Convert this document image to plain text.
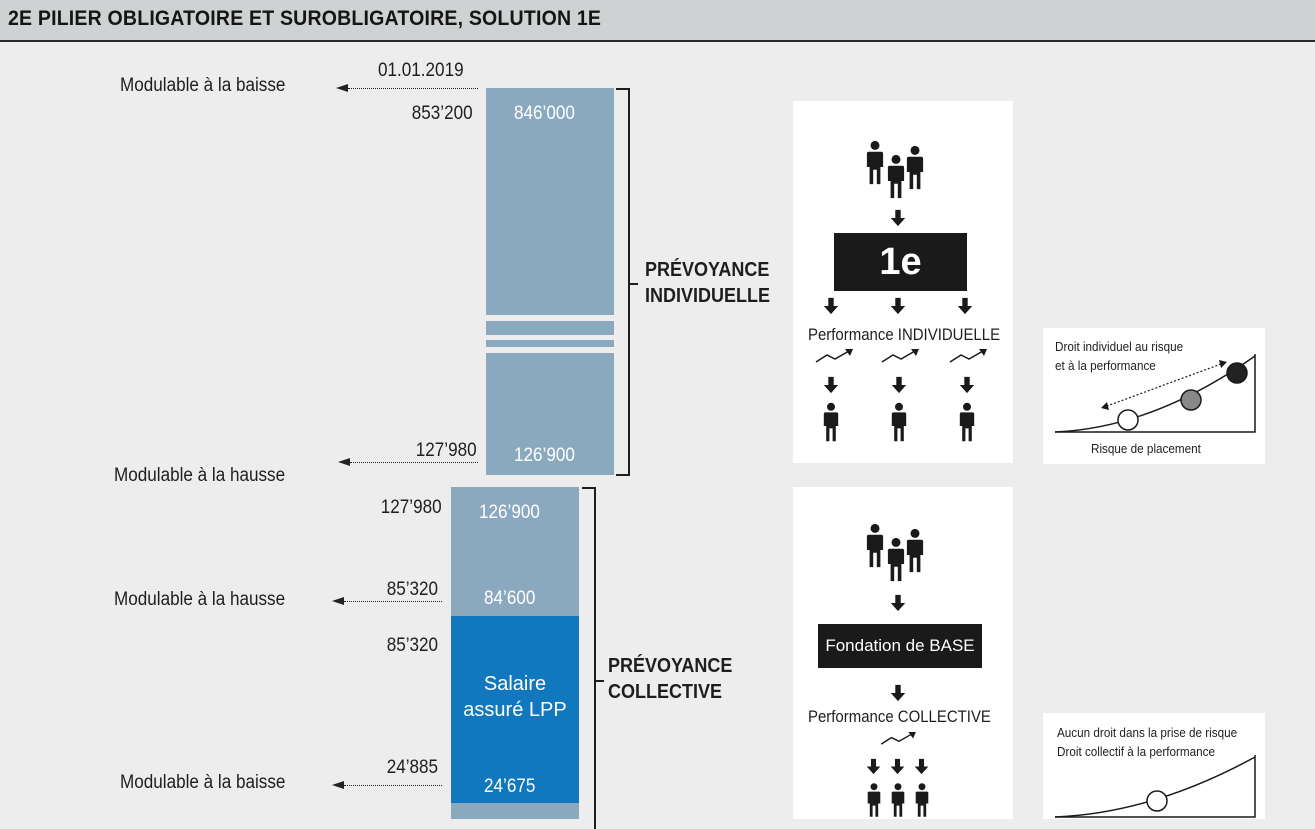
2E PILIER OBLIGATOIRE ET SUROBLIGATOIRE, SOLUTION 1E
01.01.2019
Modulable à la baisse
853’200 846’000
126’900
127’980
Modulable à la hausse
PRÉVOYANCE
INDIVIDUELLE
127’980 126’900
85’320
Modulable à la hausse	84’600
85’320
Salaire
assuré LPP
24’885
Modulable à la baisse	24’675
PRÉVOYANCE
COLLECTIVE
1e
Performance INDIVIDUELLE
Droit individuel au risque
et à la performance
Risque de placement
Fondation de BASE
Performance COLLECTIVE
Aucun droit dans la prise de risque
Droit collectif à la performance
